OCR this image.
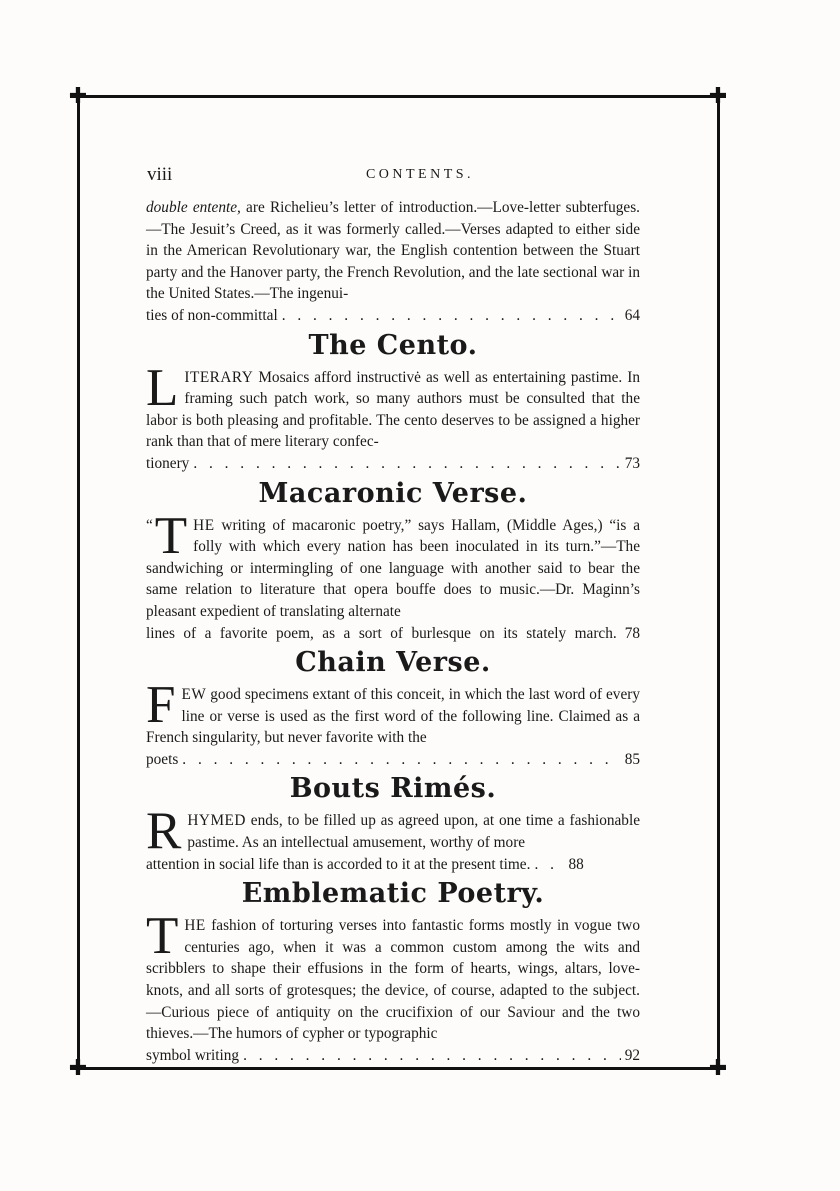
✚	✚
✚	✚
viii	CONTENTS.

double entente, are Richelieu’s letter of introduction.—Love-letter subterfuges.—The Jesuit’s Creed, as it was formerly called.—Verses adapted to either side in the American Revolutionary war, the English contention between the Stuart party and the Hanover party, the French Revolution, and the late sectional war in the United States.—The ingenui-

ties of non-committal . . .	64
The Cento.

LITERARY Mosaics afford instructivė as well as entertaining pastime. In framing such patch work, so many authors must be consulted that the labor is both pleasing and profitable. The cento deserves to be assigned a higher rank than that of mere literary confec-

tionery . . .	73
Macaronic Verse.

“ T HE writing of macaronic poetry,” says Hallam, (Middle Ages,) “is a folly with which every nation has been inoculated in its turn.”—The sandwiching or intermingling of one language with another said to bear the same relation to literature that opera bouffe does to music.—Dr. Maginn’s pleasant expedient of translating alternate

lines of a favorite poem, as a sort of burlesque on its stately march. 78
Chain Verse.

FEW good specimens extant of this conceit, in which the last word of every line or verse is used as the first word of the following line. Claimed as a French singularity, but never favorite with the

poets . . .	85
Bouts Rimés.

RHYMED ends, to be filled up as agreed upon, at one time a fashionable pastime. As an intellectual amusement, worthy of more

attention in social life than is accorded to it at the present time. . . . 88
Emblematic Poetry.

THE fashion of torturing verses into fantastic forms mostly in vogue two centuries ago, when it was a common custom among the wits and scribblers to shape their effusions in the form of hearts, wings, altars, love-knots, and all sorts of grotesques; the device, of course, adapted to the subject.—Curious piece of antiquity on the crucifixion of our Saviour and the two thieves.—The humors of cypher or typographic

symbol writing . . .	92
